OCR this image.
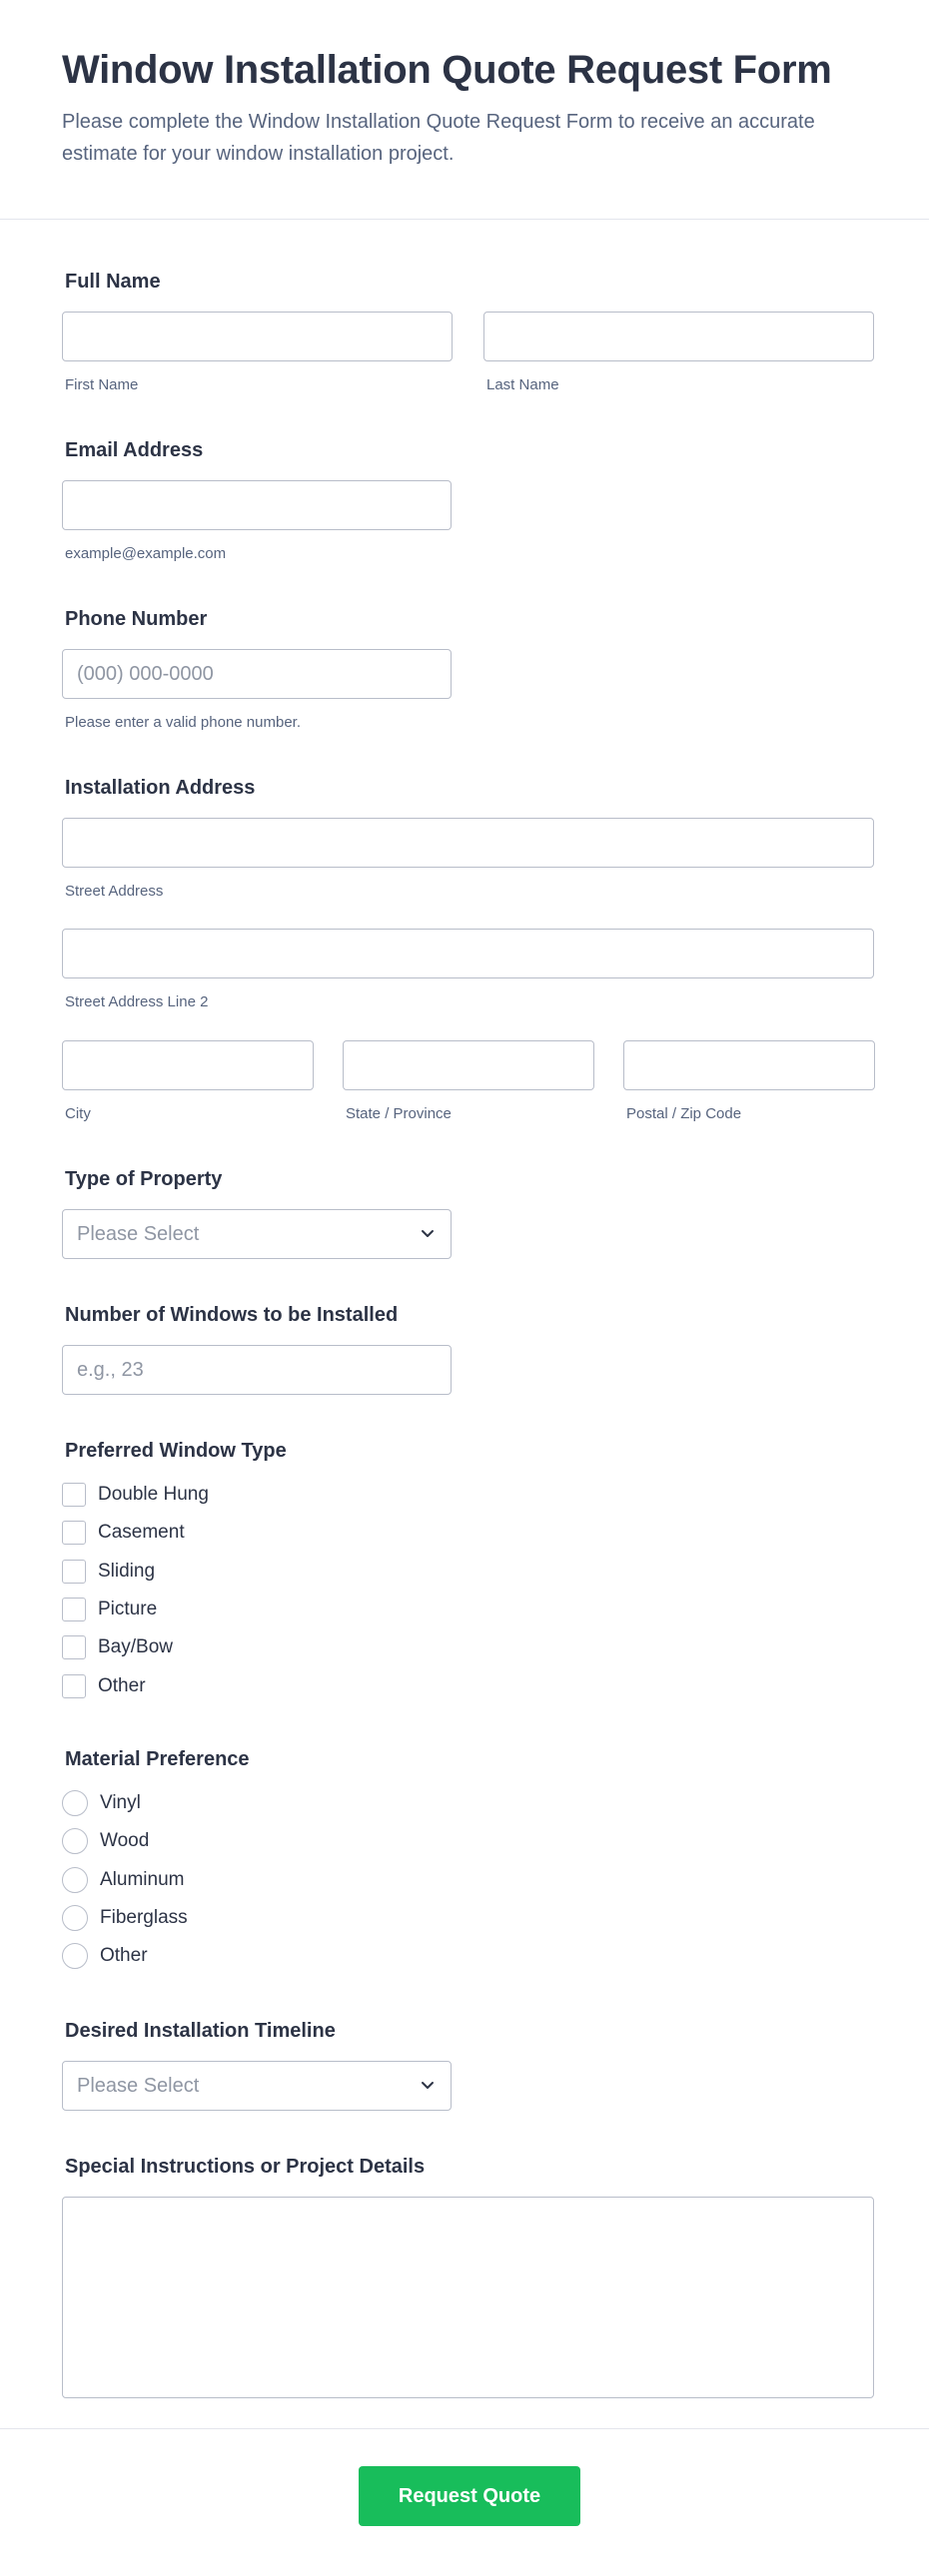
Window Installation Quote Request Form

Please complete the Window Installation Quote Request Form to receive an accurate estimate for your window installation project.

Full Name
First Name	Last Name
Email Address
example@example.com
Phone Number
(000) 000-0000
Please enter a valid phone number.
Installation Address
Street Address
Street Address Line 2
City	State / Province	Postal / Zip Code
Type of Property
Please Select
Number of Windows to be Installed
e.g., 23
Preferred Window Type
Double Hung
Casement
Sliding
Picture
Bay/Bow
Other
Material Preference
Vinyl
Wood
Aluminum
Fiberglass
Other
Desired Installation Timeline
Please Select
Special Instructions or Project Details
Request Quote
